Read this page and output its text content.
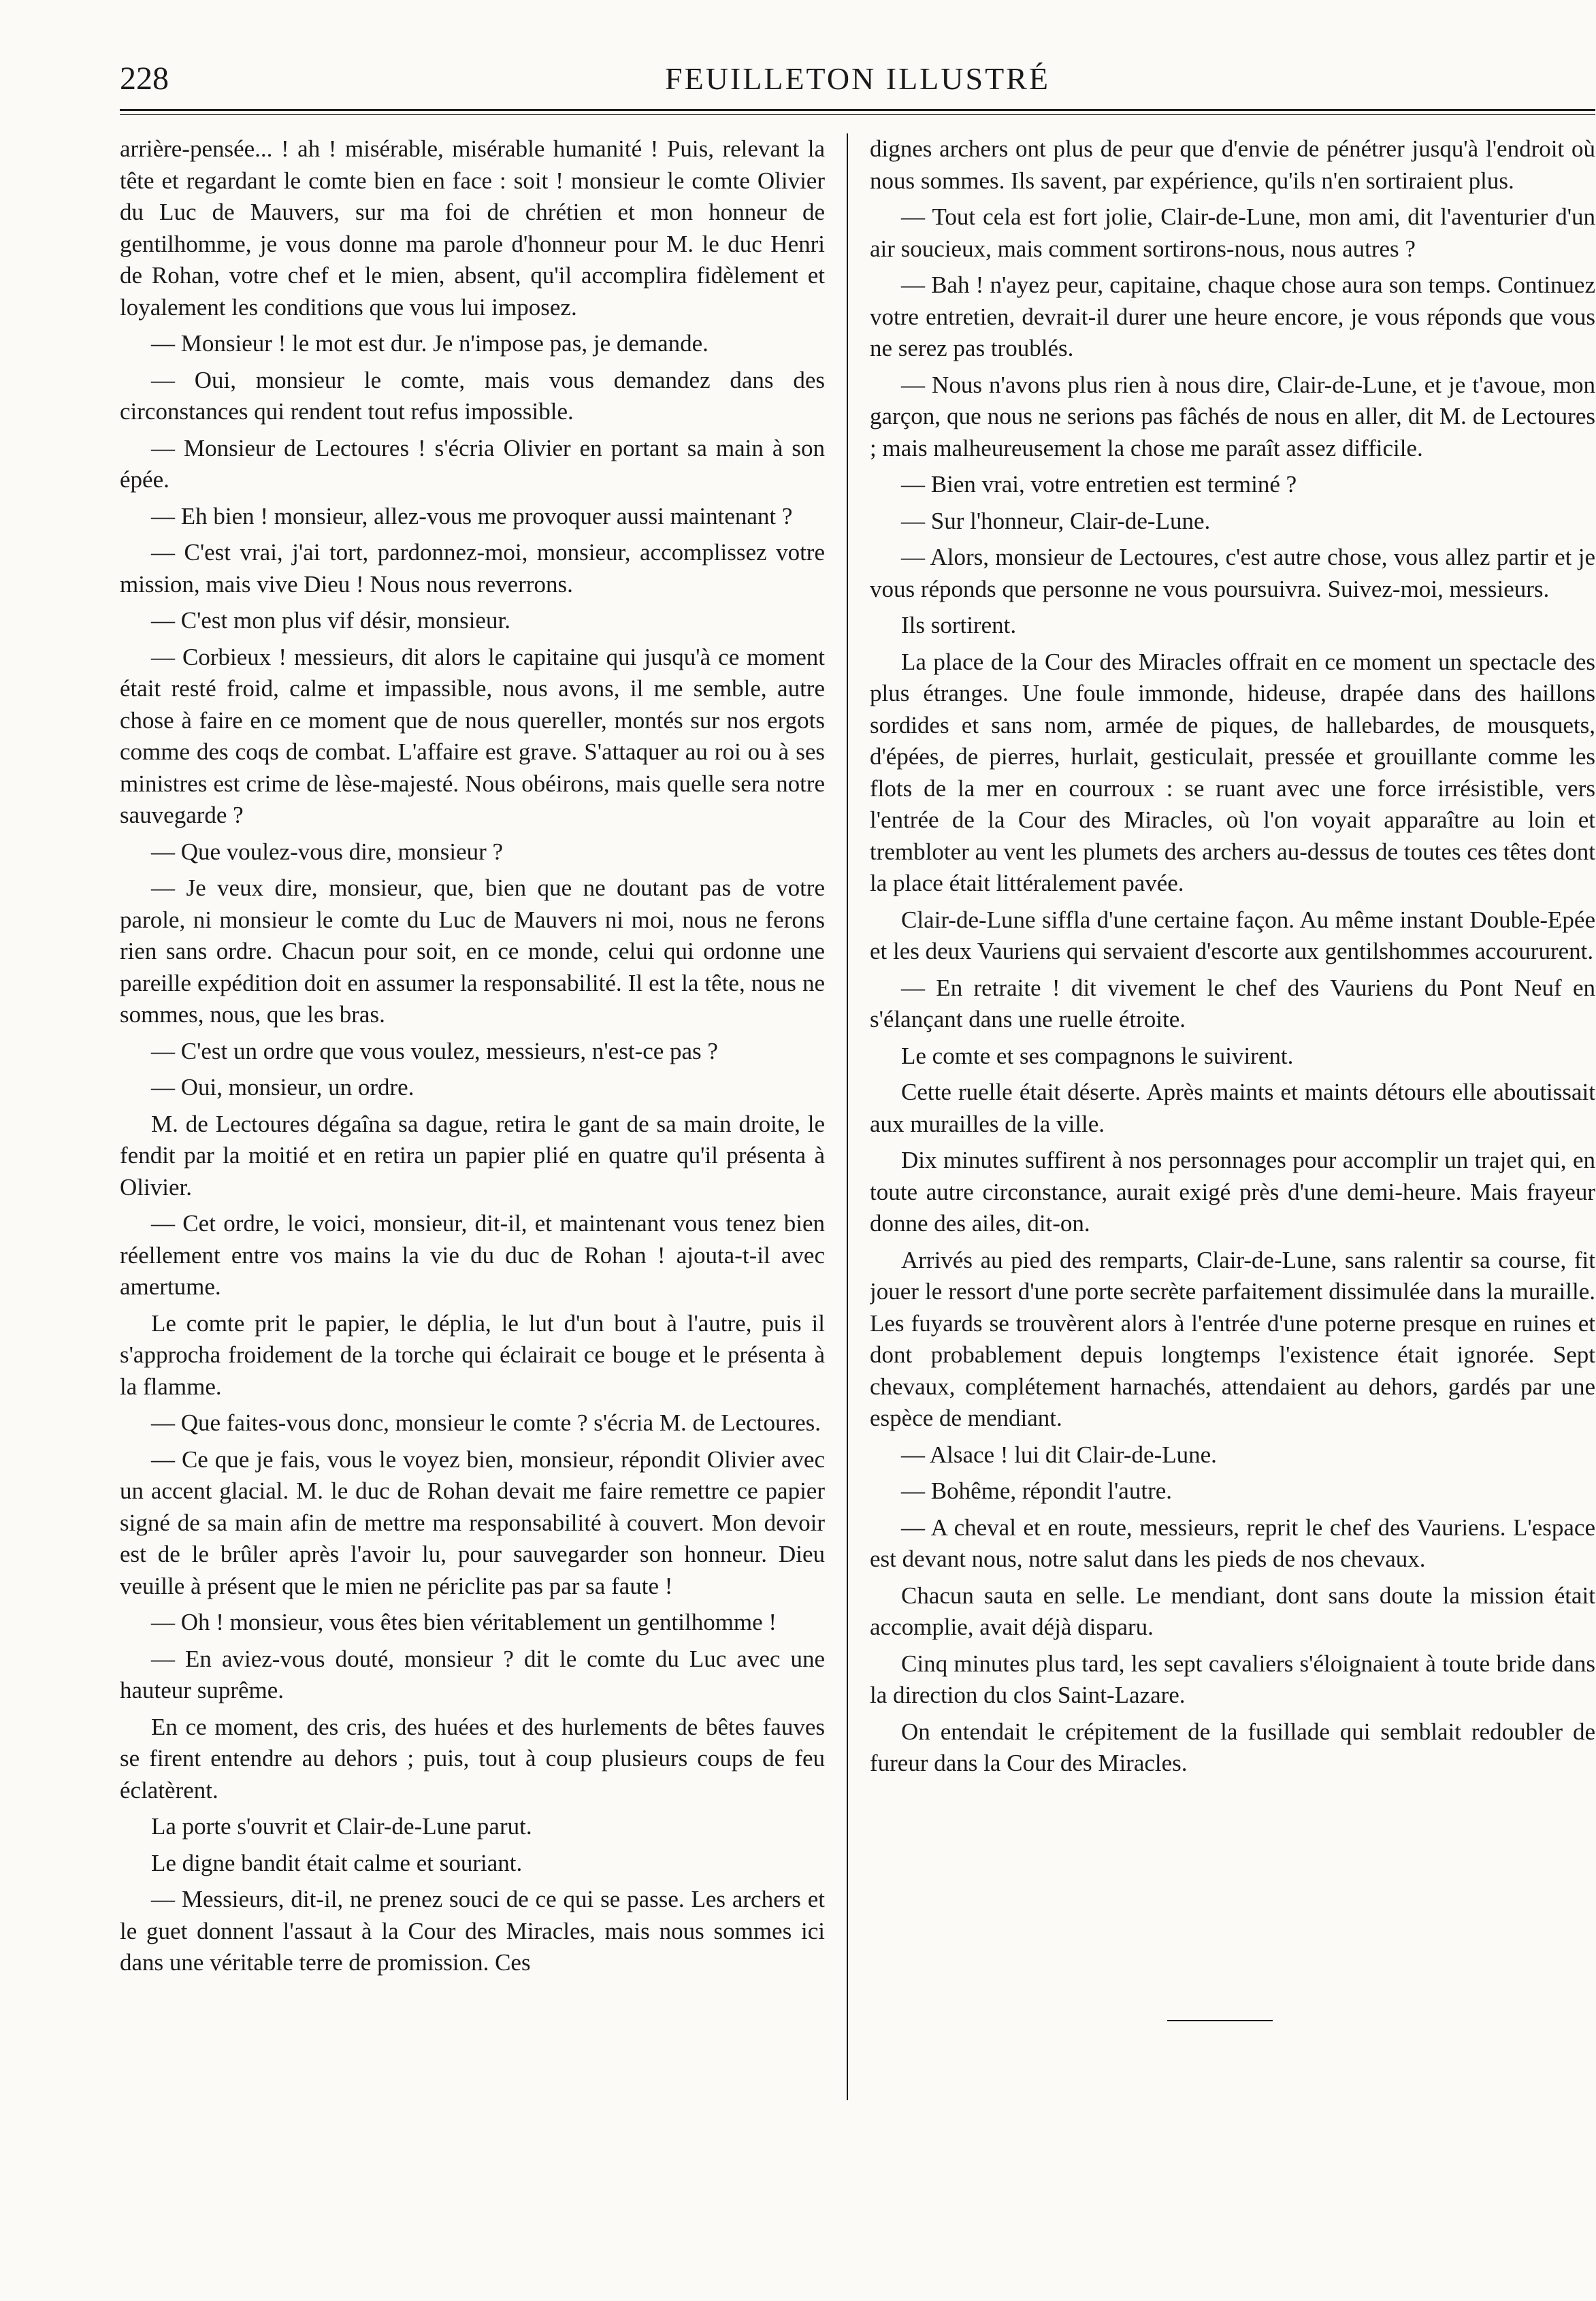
228	FEUILLETON ILLUSTRÉ

arrière-pensée... ! ah ! misérable, misérable humanité ! Puis, relevant la tête et regardant le comte bien en face : soit ! monsieur le comte Olivier du Luc de Mauvers, sur ma foi de chrétien et mon honneur de gentilhomme, je vous donne ma parole d'honneur pour M. le duc Henri de Rohan, votre chef et le mien, absent, qu'il accomplira fidèlement et loyalement les conditions que vous lui imposez.

— Monsieur ! le mot est dur. Je n'impose pas, je demande.

— Oui, monsieur le comte, mais vous demandez dans des circonstances qui rendent tout refus impossible.

— Monsieur de Lectoures ! s'écria Olivier en portant sa main à son épée.

— Eh bien ! monsieur, allez-vous me provoquer aussi maintenant ?

— C'est vrai, j'ai tort, pardonnez-moi, monsieur, accomplissez votre mission, mais vive Dieu ! Nous nous reverrons.

— C'est mon plus vif désir, monsieur.

— Corbieux ! messieurs, dit alors le capitaine qui jusqu'à ce moment était resté froid, calme et impassible, nous avons, il me semble, autre chose à faire en ce moment que de nous quereller, montés sur nos ergots comme des coqs de combat. L'affaire est grave. S'attaquer au roi ou à ses ministres est crime de lèse-majesté. Nous obéirons, mais quelle sera notre sauvegarde ?

— Que voulez-vous dire, monsieur ?

— Je veux dire, monsieur, que, bien que ne doutant pas de votre parole, ni monsieur le comte du Luc de Mauvers ni moi, nous ne ferons rien sans ordre. Chacun pour soit, en ce monde, celui qui ordonne une pareille expédition doit en assumer la responsabilité. Il est la tête, nous ne sommes, nous, que les bras.

— C'est un ordre que vous voulez, messieurs, n'est-ce pas ?

— Oui, monsieur, un ordre.

M. de Lectoures dégaîna sa dague, retira le gant de sa main droite, le fendit par la moitié et en retira un papier plié en quatre qu'il présenta à Olivier.

— Cet ordre, le voici, monsieur, dit-il, et maintenant vous tenez bien réellement entre vos mains la vie du duc de Rohan ! ajouta-t-il avec amertume.

Le comte prit le papier, le déplia, le lut d'un bout à l'autre, puis il s'approcha froidement de la torche qui éclairait ce bouge et le présenta à la flamme.

— Que faites-vous donc, monsieur le comte ? s'écria M. de Lectoures.

— Ce que je fais, vous le voyez bien, monsieur, répondit Olivier avec un accent glacial. M. le duc de Rohan devait me faire remettre ce papier signé de sa main afin de mettre ma responsabilité à couvert. Mon devoir est de le brûler après l'avoir lu, pour sauvegarder son honneur. Dieu veuille à présent que le mien ne périclite pas par sa faute !

— Oh ! monsieur, vous êtes bien véritablement un gentilhomme !

— En aviez-vous douté, monsieur ? dit le comte du Luc avec une hauteur suprême.

En ce moment, des cris, des huées et des hurlements de bêtes fauves se firent entendre au dehors ; puis, tout à coup plusieurs coups de feu éclatèrent.

La porte s'ouvrit et Clair-de-Lune parut.

Le digne bandit était calme et souriant.

— Messieurs, dit-il, ne prenez souci de ce qui se passe. Les archers et le guet donnent l'assaut à la Cour des Miracles, mais nous sommes ici dans une véritable terre de promission. Ces

dignes archers ont plus de peur que d'envie de pénétrer jusqu'à l'endroit où nous sommes. Ils savent, par expérience, qu'ils n'en sortiraient plus.

— Tout cela est fort jolie, Clair-de-Lune, mon ami, dit l'aventurier d'un air soucieux, mais comment sortirons-nous, nous autres ?

— Bah ! n'ayez peur, capitaine, chaque chose aura son temps. Continuez votre entretien, devrait-il durer une heure encore, je vous réponds que vous ne serez pas troublés.

— Nous n'avons plus rien à nous dire, Clair-de-Lune, et je t'avoue, mon garçon, que nous ne serions pas fâchés de nous en aller, dit M. de Lectoures ; mais malheureusement la chose me paraît assez difficile.

— Bien vrai, votre entretien est terminé ?

— Sur l'honneur, Clair-de-Lune.

— Alors, monsieur de Lectoures, c'est autre chose, vous allez partir et je vous réponds que personne ne vous poursuivra. Suivez-moi, messieurs.

Ils sortirent.

La place de la Cour des Miracles offrait en ce moment un spectacle des plus étranges. Une foule immonde, hideuse, drapée dans des haillons sordides et sans nom, armée de piques, de hallebardes, de mousquets, d'épées, de pierres, hurlait, gesticulait, pressée et grouillante comme les flots de la mer en courroux : se ruant avec une force irrésistible, vers l'entrée de la Cour des Miracles, où l'on voyait apparaître au loin et trembloter au vent les plumets des archers au-dessus de toutes ces têtes dont la place était littéralement pavée.

Clair-de-Lune siffla d'une certaine façon. Au même instant Double-Epée et les deux Vauriens qui servaient d'escorte aux gentilshommes accoururent.

— En retraite ! dit vivement le chef des Vauriens du Pont Neuf en s'élançant dans une ruelle étroite.

Le comte et ses compagnons le suivirent.

Cette ruelle était déserte. Après maints et maints détours elle aboutissait aux murailles de la ville.

Dix minutes suffirent à nos personnages pour accomplir un trajet qui, en toute autre circonstance, aurait exigé près d'une demi-heure. Mais frayeur donne des ailes, dit-on.

Arrivés au pied des remparts, Clair-de-Lune, sans ralentir sa course, fit jouer le ressort d'une porte secrète parfaitement dissimulée dans la muraille. Les fuyards se trouvèrent alors à l'entrée d'une poterne presque en ruines et dont probablement depuis longtemps l'existence était ignorée. Sept chevaux, complétement harnachés, attendaient au dehors, gardés par une espèce de mendiant.

— Alsace ! lui dit Clair-de-Lune.

— Bohême, répondit l'autre.

— A cheval et en route, messieurs, reprit le chef des Vauriens. L'espace est devant nous, notre salut dans les pieds de nos chevaux.

Chacun sauta en selle. Le mendiant, dont sans doute la mission était accomplie, avait déjà disparu.

Cinq minutes plus tard, les sept cavaliers s'éloignaient à toute bride dans la direction du clos Saint-Lazare.

On entendait le crépitement de la fusillade qui semblait redoubler de fureur dans la Cour des Miracles.
